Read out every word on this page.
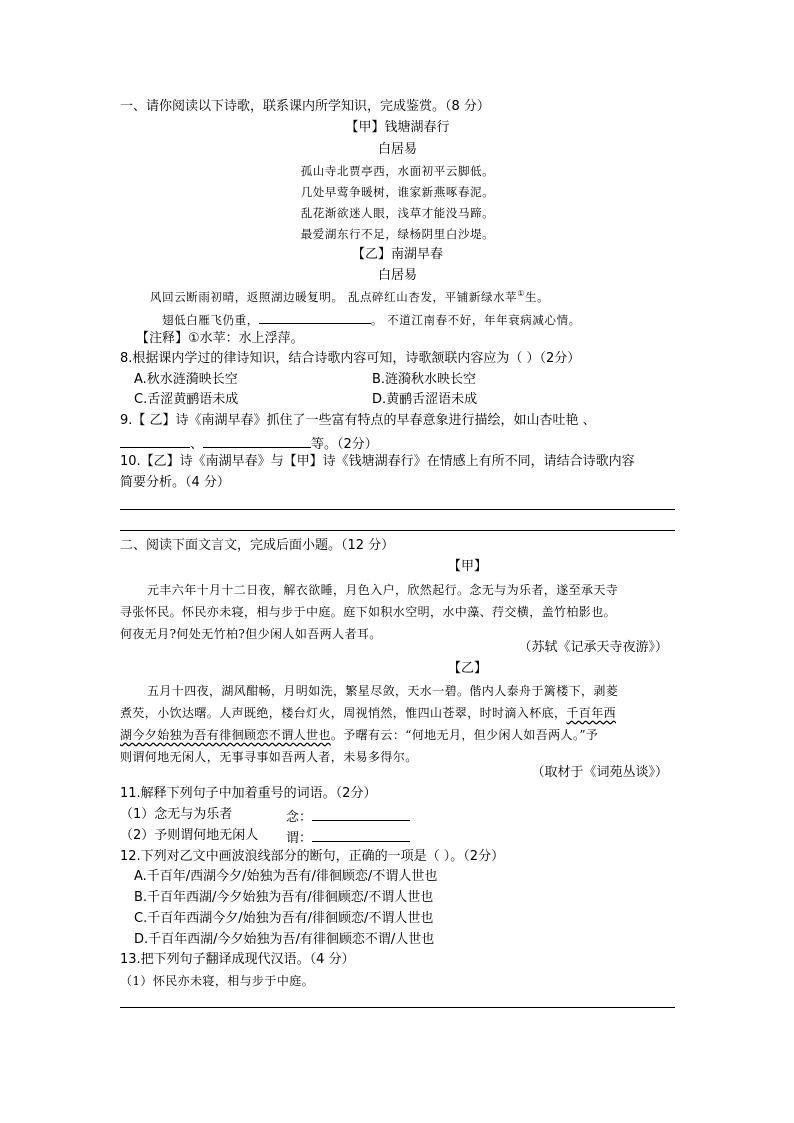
一、请你阅读以下诗歌，联系课内所学知识，完成鉴赏。（8 分）
【甲】钱塘湖春行
白居易
孤山寺北贾亭西，水面初平云脚低。
几处早莺争暖树，谁家新燕啄春泥。
乱花渐欲迷人眼，浅草才能没马蹄。
最爱湖东行不足，绿杨阴里白沙堤。
【乙】南湖早春
白居易
风回云断雨初晴，返照湖边暖复明。 乱点碎红山杏发，平铺新绿水苹①生。
翅低白雁飞仍重，	。 不道江南春不好，年年衰病减心情。
【注释】①水苹：水上浮萍。
8.根据课内学过的律诗知识，结合诗歌内容可知，诗歌颔联内容应为（ ）（2分）
A.秋水涟漪映长空	B.涟漪秋水映长空
C.舌涩黄鹂语未成	D.黄鹂舌涩语未成
9.【 乙】诗《南湖早春》抓住了一些富有特点的早春意象进行描绘，如山杏吐艳 、
、	等。（2分）
10.【乙】诗《南湖早春》与【甲】诗《钱塘湖春行》在情感上有所不同，请结合诗歌内容
简要分析。（4 分）
二、阅读下面文言文，完成后面小题。（12 分）
【甲】
元丰六年十月十二日夜，解衣欲睡，月色入户，欣然起行。念无与为乐者，遂至承天寺
寻张怀民。怀民亦未寝，相与步于中庭。庭下如积水空明，水中藻、荇交横，盖竹柏影也。
何夜无月?何处无竹柏?但少闲人如吾两人者耳。
（苏轼《记承天寺夜游》）
【乙】
五月十四夜，湖风酣畅，月明如洗，繁星尽敛，天水一碧。偕内人泰舟于篱楼下，剥菱
煮芡，小饮达曙。人声既绝，楼台灯火，周视悄然，惟四山苍翠，时时滴入杯底，千百年西
湖今夕始独为吾有徘徊顾恋不谓人世也。予曙有云：“何地无月，但少闲人如吾两人。”予
则谓何地无闲人，无事寻事如吾两人者，未易多得尔。
（取材于《词苑丛谈》）
11.解释下列句子中加着重号的词语。（2分）
（1）念无与为乐者	念：
（2）予则谓何地无闲人 谓：
12.下列对乙文中画波浪线部分的断句，正确的一项是（ ）。（2分）
A.千百年/西湖今夕/始独为吾有/徘徊顾恋/不谓人世也
B.千百年西湖/今夕始独为吾有/徘徊顾恋/不谓人世也
C.千百年西湖今夕/始独为吾有/徘徊顾恋/不谓人世也
D.千百年西湖/今夕始独为吾/有徘徊顾恋不谓/人世也
13.把下列句子翻译成现代汉语。（4 分）
（1）怀民亦未寝，相与步于中庭。
